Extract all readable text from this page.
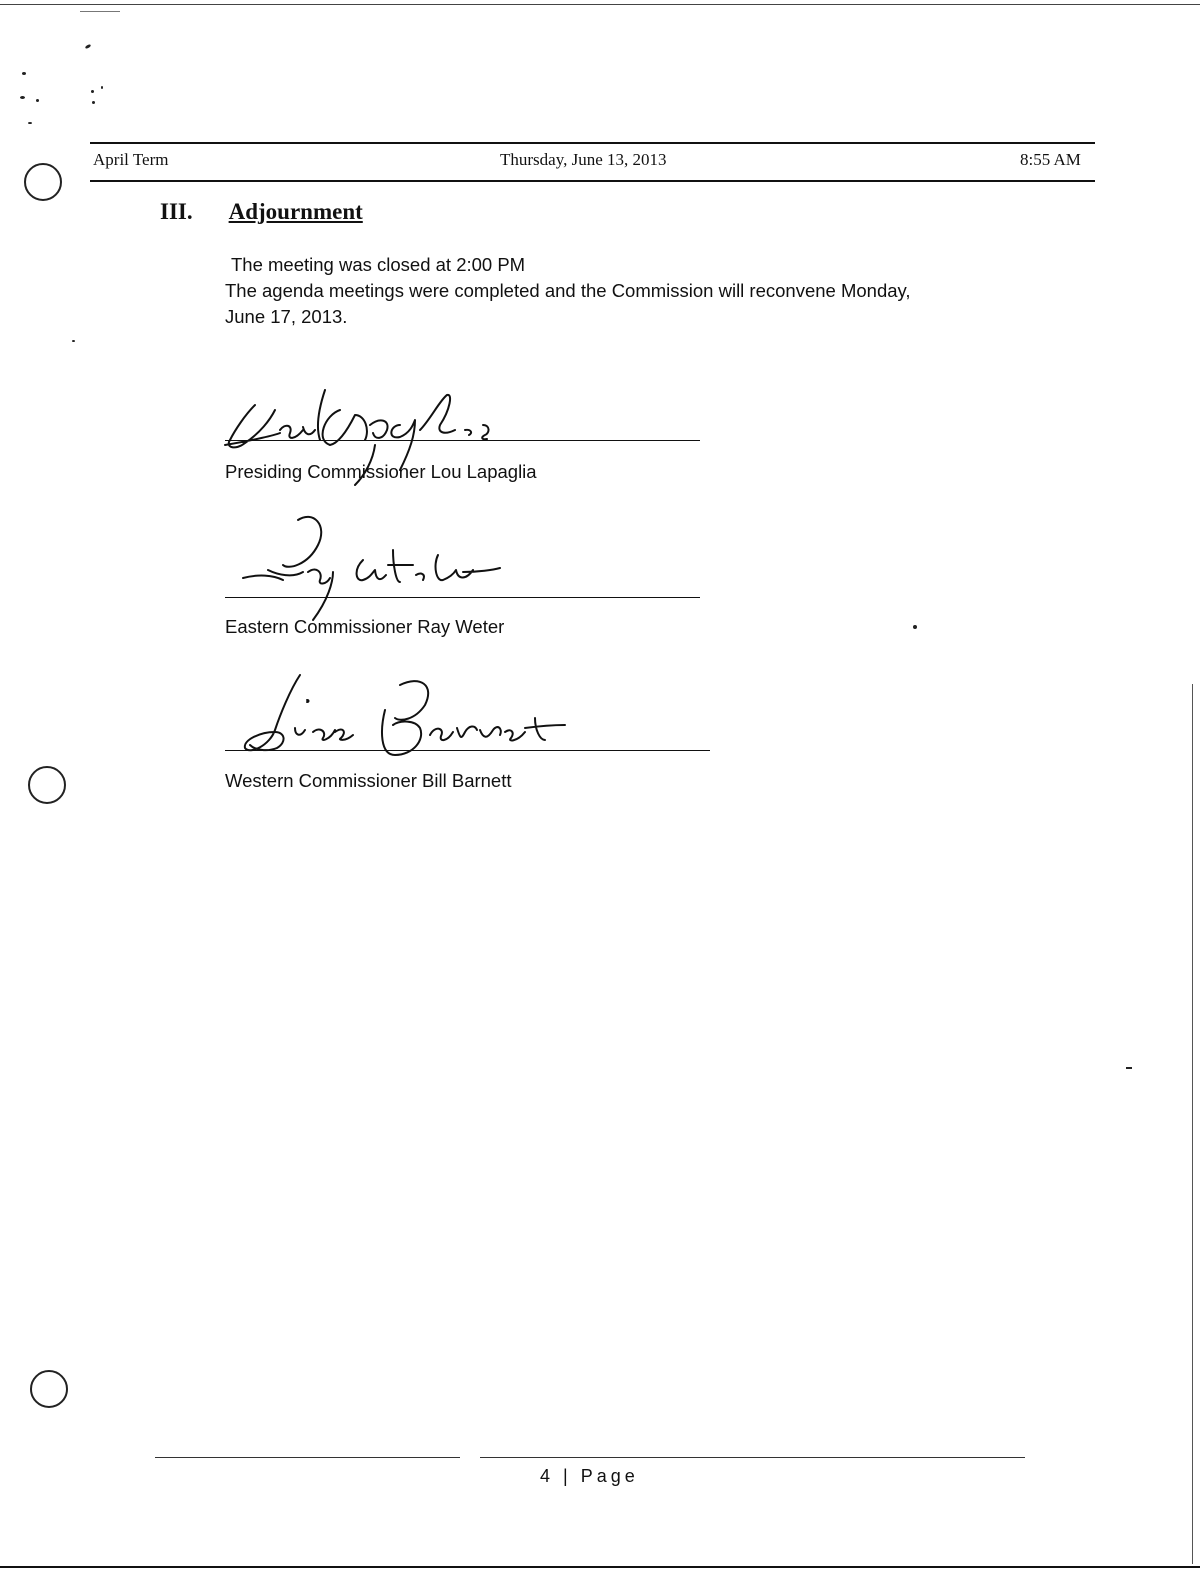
April Term	Thursday, June 13, 2013	8:55 AM
III. Adjournment
The meeting was closed at 2:00 PM
The agenda meetings were completed and the Commission will reconvene Monday,
June 17, 2013.
Presiding Commissioner Lou Lapaglia
Eastern Commissioner Ray Weter
Western Commissioner Bill Barnett
4 | Page
